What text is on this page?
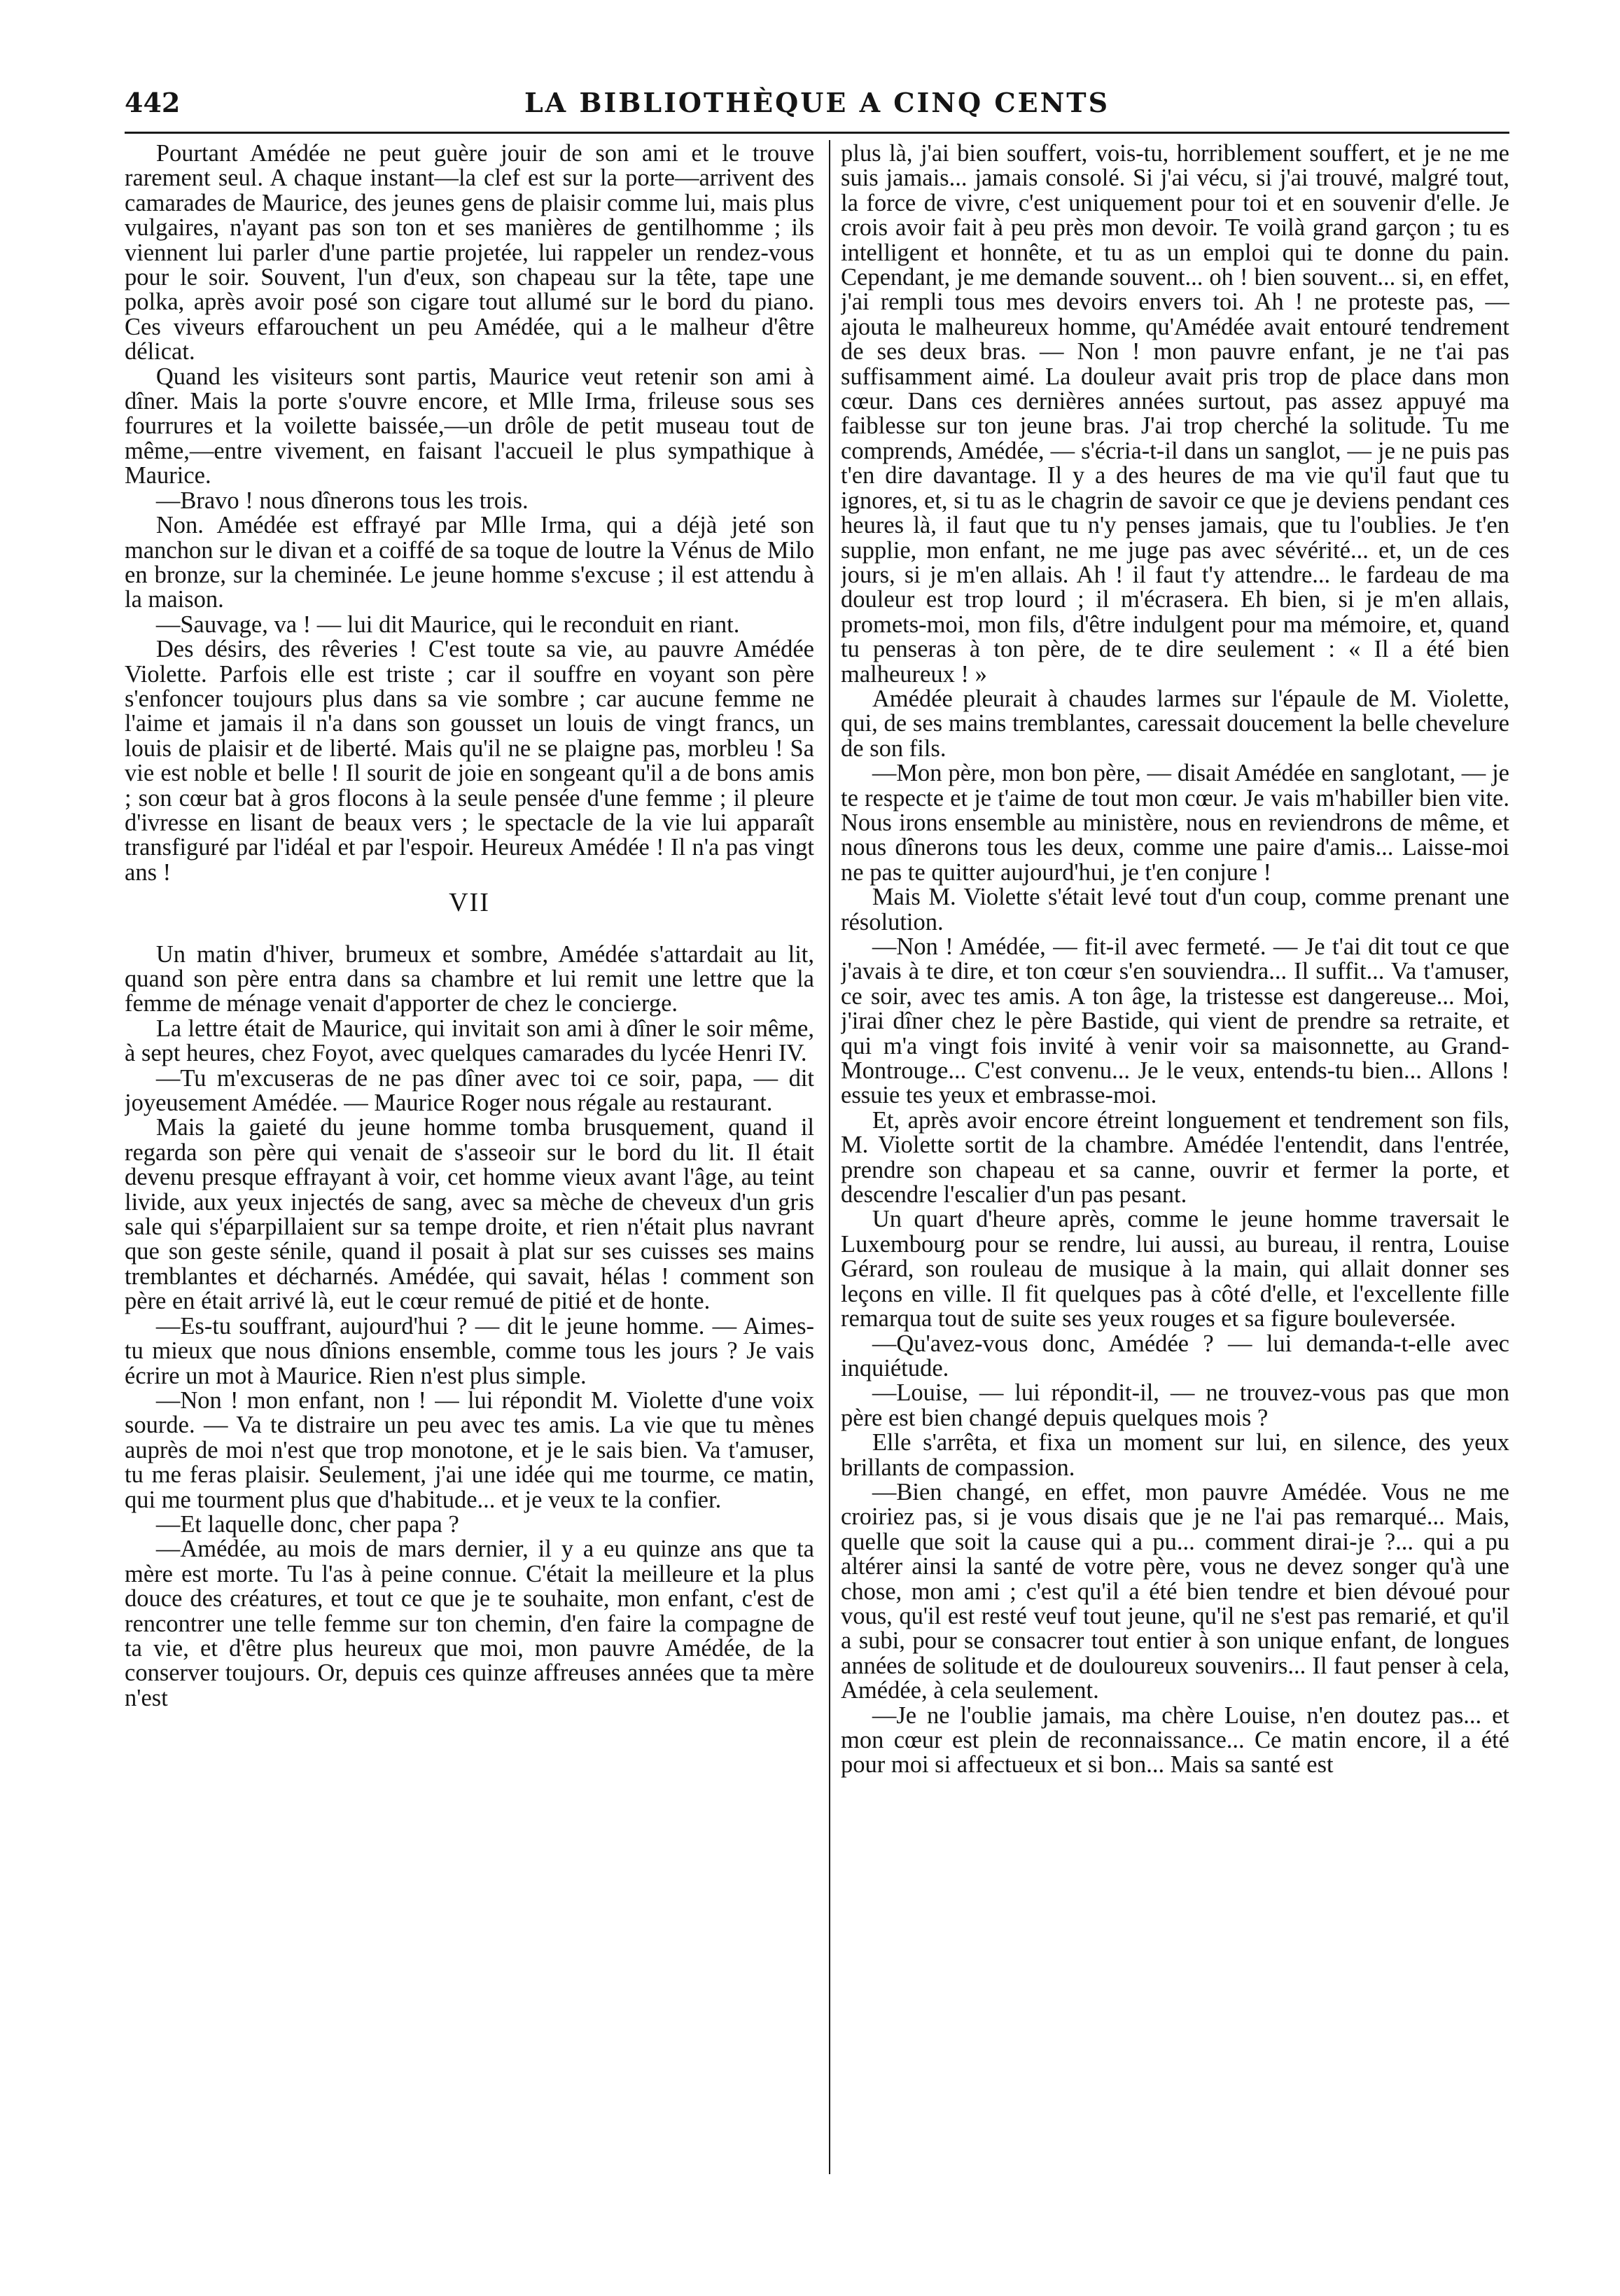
442	LA BIBLIOTHÈQUE A CINQ CENTS

Pourtant Amédée ne peut guère jouir de son ami et le trouve rarement seul. A chaque instant—la clef est sur la porte—arrivent des camarades de Maurice, des jeunes gens de plaisir comme lui, mais plus vulgaires, n'ayant pas son ton et ses manières de gentilhomme ; ils viennent lui parler d'une partie projetée, lui rappeler un rendez-vous pour le soir. Souvent, l'un d'eux, son chapeau sur la tête, tape une polka, après avoir posé son cigare tout allumé sur le bord du piano. Ces viveurs effarouchent un peu Amédée, qui a le malheur d'être délicat.

Quand les visiteurs sont partis, Maurice veut retenir son ami à dîner. Mais la porte s'ouvre encore, et Mlle Irma, frileuse sous ses fourrures et la voilette baissée,—un drôle de petit museau tout de même,—entre vivement, en faisant l'accueil le plus sympathique à Maurice.

—Bravo ! nous dînerons tous les trois.

Non. Amédée est effrayé par Mlle Irma, qui a déjà jeté son manchon sur le divan et a coiffé de sa toque de loutre la Vénus de Milo en bronze, sur la cheminée. Le jeune homme s'excuse ; il est attendu à la maison.

—Sauvage, va ! — lui dit Maurice, qui le reconduit en riant.

Des désirs, des rêveries ! C'est toute sa vie, au pauvre Amédée Violette. Parfois elle est triste ; car il souffre en voyant son père s'enfoncer toujours plus dans sa vie sombre ; car aucune femme ne l'aime et jamais il n'a dans son gousset un louis de vingt francs, un louis de plaisir et de liberté. Mais qu'il ne se plaigne pas, morbleu ! Sa vie est noble et belle ! Il sourit de joie en songeant qu'il a de bons amis ; son cœur bat à gros flocons à la seule pensée d'une femme ; il pleure d'ivresse en lisant de beaux vers ; le spectacle de la vie lui apparaît transfiguré par l'idéal et par l'espoir. Heureux Amédée ! Il n'a pas vingt ans !

VII

Un matin d'hiver, brumeux et sombre, Amédée s'attardait au lit, quand son père entra dans sa chambre et lui remit une lettre que la femme de ménage venait d'apporter de chez le concierge.

La lettre était de Maurice, qui invitait son ami à dîner le soir même, à sept heures, chez Foyot, avec quelques camarades du lycée Henri IV.

—Tu m'excuseras de ne pas dîner avec toi ce soir, papa, — dit joyeusement Amédée. — Maurice Roger nous régale au restaurant.

Mais la gaieté du jeune homme tomba brusquement, quand il regarda son père qui venait de s'asseoir sur le bord du lit. Il était devenu presque effrayant à voir, cet homme vieux avant l'âge, au teint livide, aux yeux injectés de sang, avec sa mèche de cheveux d'un gris sale qui s'éparpillaient sur sa tempe droite, et rien n'était plus navrant que son geste sénile, quand il posait à plat sur ses cuisses ses mains tremblantes et décharnés. Amédée, qui savait, hélas ! comment son père en était arrivé là, eut le cœur remué de pitié et de honte.

—Es-tu souffrant, aujourd'hui ? — dit le jeune homme. — Aimes-tu mieux que nous dînions ensemble, comme tous les jours ? Je vais écrire un mot à Maurice. Rien n'est plus simple.

—Non ! mon enfant, non ! — lui répondit M. Violette d'une voix sourde. — Va te distraire un peu avec tes amis. La vie que tu mènes auprès de moi n'est que trop monotone, et je le sais bien. Va t'amuser, tu me feras plaisir. Seulement, j'ai une idée qui me tourme, ce matin, qui me tourment plus que d'habitude... et je veux te la confier.

—Et laquelle donc, cher papa ?

—Amédée, au mois de mars dernier, il y a eu quinze ans que ta mère est morte. Tu l'as à peine connue. C'était la meilleure et la plus douce des créatures, et tout ce que je te souhaite, mon enfant, c'est de rencontrer une telle femme sur ton chemin, d'en faire la compagne de ta vie, et d'être plus heureux que moi, mon pauvre Amédée, de la conserver toujours. Or, depuis ces quinze affreuses années que ta mère n'est

plus là, j'ai bien souffert, vois-tu, horriblement souffert, et je ne me suis jamais... jamais consolé. Si j'ai vécu, si j'ai trouvé, malgré tout, la force de vivre, c'est uniquement pour toi et en souvenir d'elle. Je crois avoir fait à peu près mon devoir. Te voilà grand garçon ; tu es intelligent et honnête, et tu as un emploi qui te donne du pain. Cependant, je me demande souvent... oh ! bien souvent... si, en effet, j'ai rempli tous mes devoirs envers toi. Ah ! ne proteste pas, — ajouta le malheureux homme, qu'Amédée avait entouré tendrement de ses deux bras. — Non ! mon pauvre enfant, je ne t'ai pas suffisamment aimé. La douleur avait pris trop de place dans mon cœur. Dans ces dernières années surtout, pas assez appuyé ma faiblesse sur ton jeune bras. J'ai trop cherché la solitude. Tu me comprends, Amédée, — s'écria-t-il dans un sanglot, — je ne puis pas t'en dire davantage. Il y a des heures de ma vie qu'il faut que tu ignores, et, si tu as le chagrin de savoir ce que je deviens pendant ces heures là, il faut que tu n'y penses jamais, que tu l'oublies. Je t'en supplie, mon enfant, ne me juge pas avec sévérité... et, un de ces jours, si je m'en allais. Ah ! il faut t'y attendre... le fardeau de ma douleur est trop lourd ; il m'écrasera. Eh bien, si je m'en allais, promets-moi, mon fils, d'être indulgent pour ma mémoire, et, quand tu penseras à ton père, de te dire seulement : « Il a été bien malheureux ! »

Amédée pleurait à chaudes larmes sur l'épaule de M. Violette, qui, de ses mains tremblantes, caressait doucement la belle chevelure de son fils.

—Mon père, mon bon père, — disait Amédée en sanglotant, — je te respecte et je t'aime de tout mon cœur. Je vais m'habiller bien vite. Nous irons ensemble au ministère, nous en reviendrons de même, et nous dînerons tous les deux, comme une paire d'amis... Laisse-moi ne pas te quitter aujourd'hui, je t'en conjure !

Mais M. Violette s'était levé tout d'un coup, comme prenant une résolution.

—Non ! Amédée, — fit-il avec fermeté. — Je t'ai dit tout ce que j'avais à te dire, et ton cœur s'en souviendra... Il suffit... Va t'amuser, ce soir, avec tes amis. A ton âge, la tristesse est dangereuse... Moi, j'irai dîner chez le père Bastide, qui vient de prendre sa retraite, et qui m'a vingt fois invité à venir voir sa maisonnette, au Grand-Montrouge... C'est convenu... Je le veux, entends-tu bien... Allons ! essuie tes yeux et embrasse-moi.

Et, après avoir encore étreint longuement et tendrement son fils, M. Violette sortit de la chambre. Amédée l'entendit, dans l'entrée, prendre son chapeau et sa canne, ouvrir et fermer la porte, et descendre l'escalier d'un pas pesant.

Un quart d'heure après, comme le jeune homme traversait le Luxembourg pour se rendre, lui aussi, au bureau, il rentra, Louise Gérard, son rouleau de musique à la main, qui allait donner ses leçons en ville. Il fit quelques pas à côté d'elle, et l'excellente fille remarqua tout de suite ses yeux rouges et sa figure bouleversée.

—Qu'avez-vous donc, Amédée ? — lui demanda-t-elle avec inquiétude.

—Louise, — lui répondit-il, — ne trouvez-vous pas que mon père est bien changé depuis quelques mois ?

Elle s'arrêta, et fixa un moment sur lui, en silence, des yeux brillants de compassion.

—Bien changé, en effet, mon pauvre Amédée. Vous ne me croiriez pas, si je vous disais que je ne l'ai pas remarqué... Mais, quelle que soit la cause qui a pu... comment dirai-je ?... qui a pu altérer ainsi la santé de votre père, vous ne devez songer qu'à une chose, mon ami ; c'est qu'il a été bien tendre et bien dévoué pour vous, qu'il est resté veuf tout jeune, qu'il ne s'est pas remarié, et qu'il a subi, pour se consacrer tout entier à son unique enfant, de longues années de solitude et de douloureux souvenirs... Il faut penser à cela, Amédée, à cela seulement.

—Je ne l'oublie jamais, ma chère Louise, n'en doutez pas... et mon cœur est plein de reconnaissance... Ce matin encore, il a été pour moi si affectueux et si bon... Mais sa santé est
